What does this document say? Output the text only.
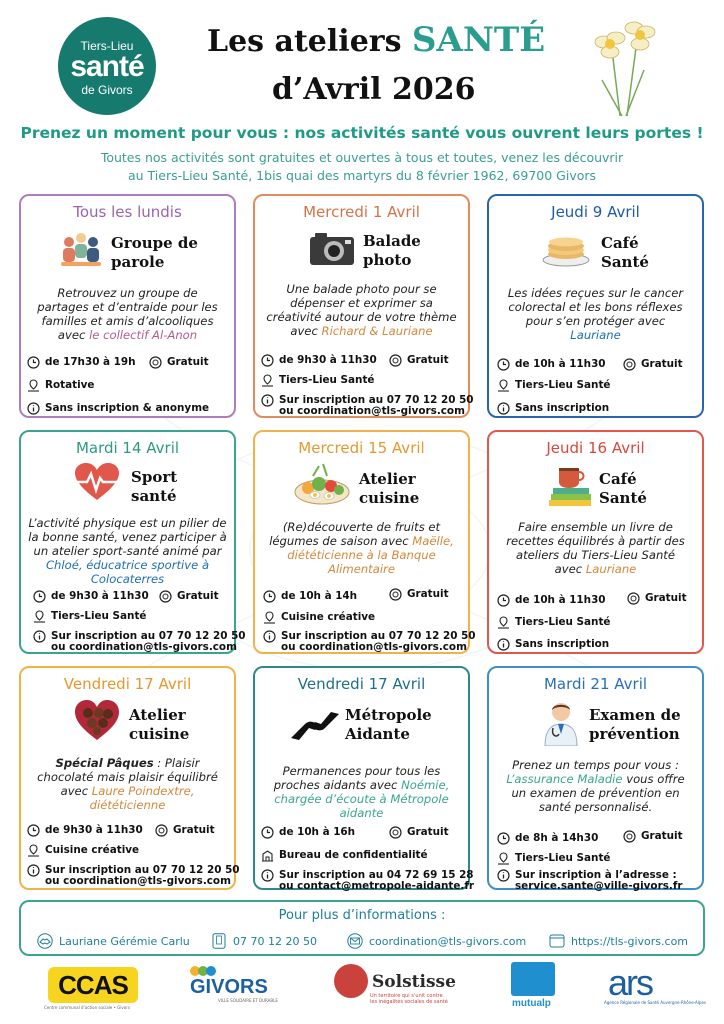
Tiers-Lieu
santé
de Givors
Les ateliers SANTÉ
d’Avril 2026
Prenez un moment pour vous : nos activités santé vous ouvrent leurs portes !
Toutes nos activités sont gratuites et ouvertes à tous et toutes, venez les découvrir
au Tiers-Lieu Santé, 1bis quai des martyrs du 8 février 1962, 69700 Givors
Tous les lundis
Groupe de
parole
Retrouvez un groupe de
partages et d’entraide pour les
familles et amis d’alcooliques
avec le collectif Al-Anon
de 17h30 à 19h	Gratuit
Rotative
Sans inscription & anonyme
Mercredi 1 Avril
Balade
photo
Une balade photo pour se
dépenser et exprimer sa
créativité autour de votre thème
avec Richard & Lauriane
de 9h30 à 11h30	Gratuit
Tiers-Lieu Santé
Sur inscription au 07 70 12 20 50
ou coordination@tls-givors.com
Jeudi 9 Avril
Café
Santé
Les idées reçues sur le cancer
colorectal et les bons réflexes
pour s’en protéger avec
Lauriane
de 10h à 11h30	Gratuit
Tiers-Lieu Santé
Sans inscription
Mardi 14 Avril
Sport
santé
L’activité physique est un pilier de
la bonne santé, venez participer à
un atelier sport-santé animé par
Chloé, éducatrice sportive à
Colocaterres
de 9h30 à 11h30	Gratuit
Tiers-Lieu Santé
Sur inscription au 07 70 12 20 50
ou coordination@tls-givors.com
Mercredi 15 Avril
Atelier
cuisine
(Re)découverte de fruits et
légumes de saison avec Maëlle,
diététicienne à la Banque
Alimentaire
de 10h à 14h	Gratuit
Cuisine créative
Sur inscription au 07 70 12 20 50
ou coordination@tls-givors.com
Jeudi 16 Avril
Café
Santé
Faire ensemble un livre de
recettes équilibrés à partir des
ateliers du Tiers-Lieu Santé
avec Lauriane
de 10h à 11h30	Gratuit
Tiers-Lieu Santé
Sans inscription
Vendredi 17 Avril
Atelier
cuisine
Spécial Pâques : Plaisir
chocolaté mais plaisir équilibré
avec Laure Poindextre,
diététicienne
de 9h30 à 11h30	Gratuit
Cuisine créative
Sur inscription au 07 70 12 20 50
ou coordination@tls-givors.com
Vendredi 17 Avril
Métropole
Aidante
Permanences pour tous les
proches aidants avec Noémie,
chargée d’écoute à Métropole
aidante
de 10h à 16h	Gratuit
Bureau de confidentialité
Sur inscription au 04 72 69 15 28
ou contact@metropole-aidante.fr
Mardi 21 Avril
Examen de
prévention
Prenez un temps pour vous :
L’assurance Maladie vous offre
un examen de prévention en
santé personnalisé.
de 8h à 14h30	Gratuit
Tiers-Lieu Santé
Sur inscription à l’adresse :
service.sante@ville-givors.fr
Pour plus d’informations :
Lauriane Gérémie Carlu	07 70 12 20 50	coordination@tls-givors.com	https://tls-givors.com
CCAS
Centre communal d’action sociale • Givors
GIVORS
VILLE SOLIDAIRE ET DURABLE
Solstisse
Un territoire qui s’unit contre
les inégalités sociales de santé	mutualp
ars
Agence Régionale de Santé Auvergne-Rhône-Alpes
